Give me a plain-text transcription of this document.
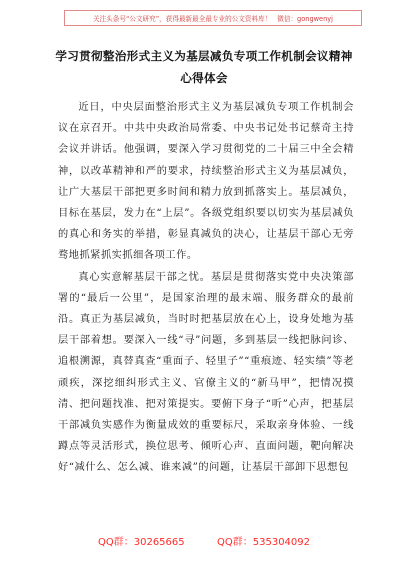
关注头条号“公文研究”，获得最新最全最专业的公文资料库！ 微信：gongwenyj
学习贯彻整治形式主义为基层减负专项工作机制会议精神
心得体会

近日，中央层面整治形式主义为基层减负专项工作机制会议在京召开。中共中央政治局常委、中央书记处书记蔡奇主持会议并讲话。他强调，要深入学习贯彻党的二十届三中全会精神，以改革精神和严的要求，持续整治形式主义为基层减负，让广大基层干部把更多时间和精力放到抓落实上。基层减负，目标在基层，发力在“上层”。各级党组织要以切实为基层减负的真心和务实的举措，彰显真减负的决心，让基层干部心无旁骛地抓紧抓实抓细各项工作。

真心实意解基层干部之忧。基层是贯彻落实党中央决策部署的“最后一公里”，是国家治理的最末端、服务群众的最前沿。真正为基层减负，当时时把基层放在心上，设身处地为基层干部着想。要深入一线“寻”问题，多到基层一线把脉问诊、追根溯源，真替真查“重面子、轻里子”“重痕迹、轻实绩”等老顽疾，深挖细纠形式主义、官僚主义的“新马甲”，把情况摸清、把问题找准、把对策提实。要俯下身子“听”心声，把基层干部减负实感作为衡量成效的重要标尺，采取亲身体验、一线蹲点等灵活形式，换位思考、倾听心声、直面问题，靶向解决好“减什么、怎么减、谁来减”的问题，让基层干部卸下思想包

QQ群：30265665	QQ群：535304092
